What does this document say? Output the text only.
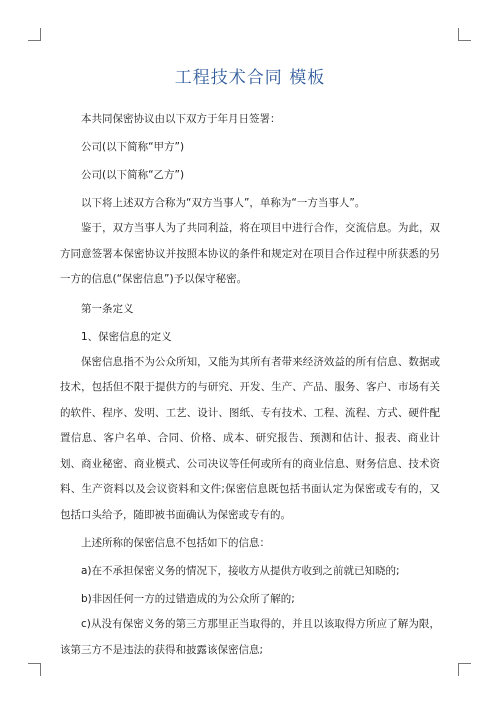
工程技术合同 模板

本共同保密协议由以下双方于年月日签署：

公司(以下简称“甲方”)

公司(以下简称“乙方”)

以下将上述双方合称为“双方当事人”，单称为“一方当事人”。

鉴于，双方当事人为了共同利益，将在项目中进行合作，交流信息。为此，双方同意签署本保密协议并按照本协议的条件和规定对在项目合作过程中所获悉的另一方的信息(“保密信息”)予以保守秘密。

第一条定义

1、保密信息的定义

保密信息指不为公众所知，又能为其所有者带来经济效益的所有信息、数据或技术，包括但不限于提供方的与研究、开发、生产、产品、服务、客户、市场有关的软件、程序、发明、工艺、设计、图纸、专有技术、工程、流程、方式、硬件配置信息、客户名单、合同、价格、成本、研究报告、预测和估计、报表、商业计划、商业秘密、商业模式、公司决议等任何或所有的商业信息、财务信息、技术资料、生产资料以及会议资料和文件;保密信息既包括书面认定为保密或专有的，又包括口头给予，随即被书面确认为保密或专有的。

上述所称的保密信息不包括如下的信息：

a)在不承担保密义务的情况下，接收方从提供方收到之前就已知晓的;

b)非因任何一方的过错造成的为公众所了解的;

c)从没有保密义务的第三方那里正当取得的，并且以该取得方所应了解为限，该第三方不是违法的获得和披露该保密信息;
